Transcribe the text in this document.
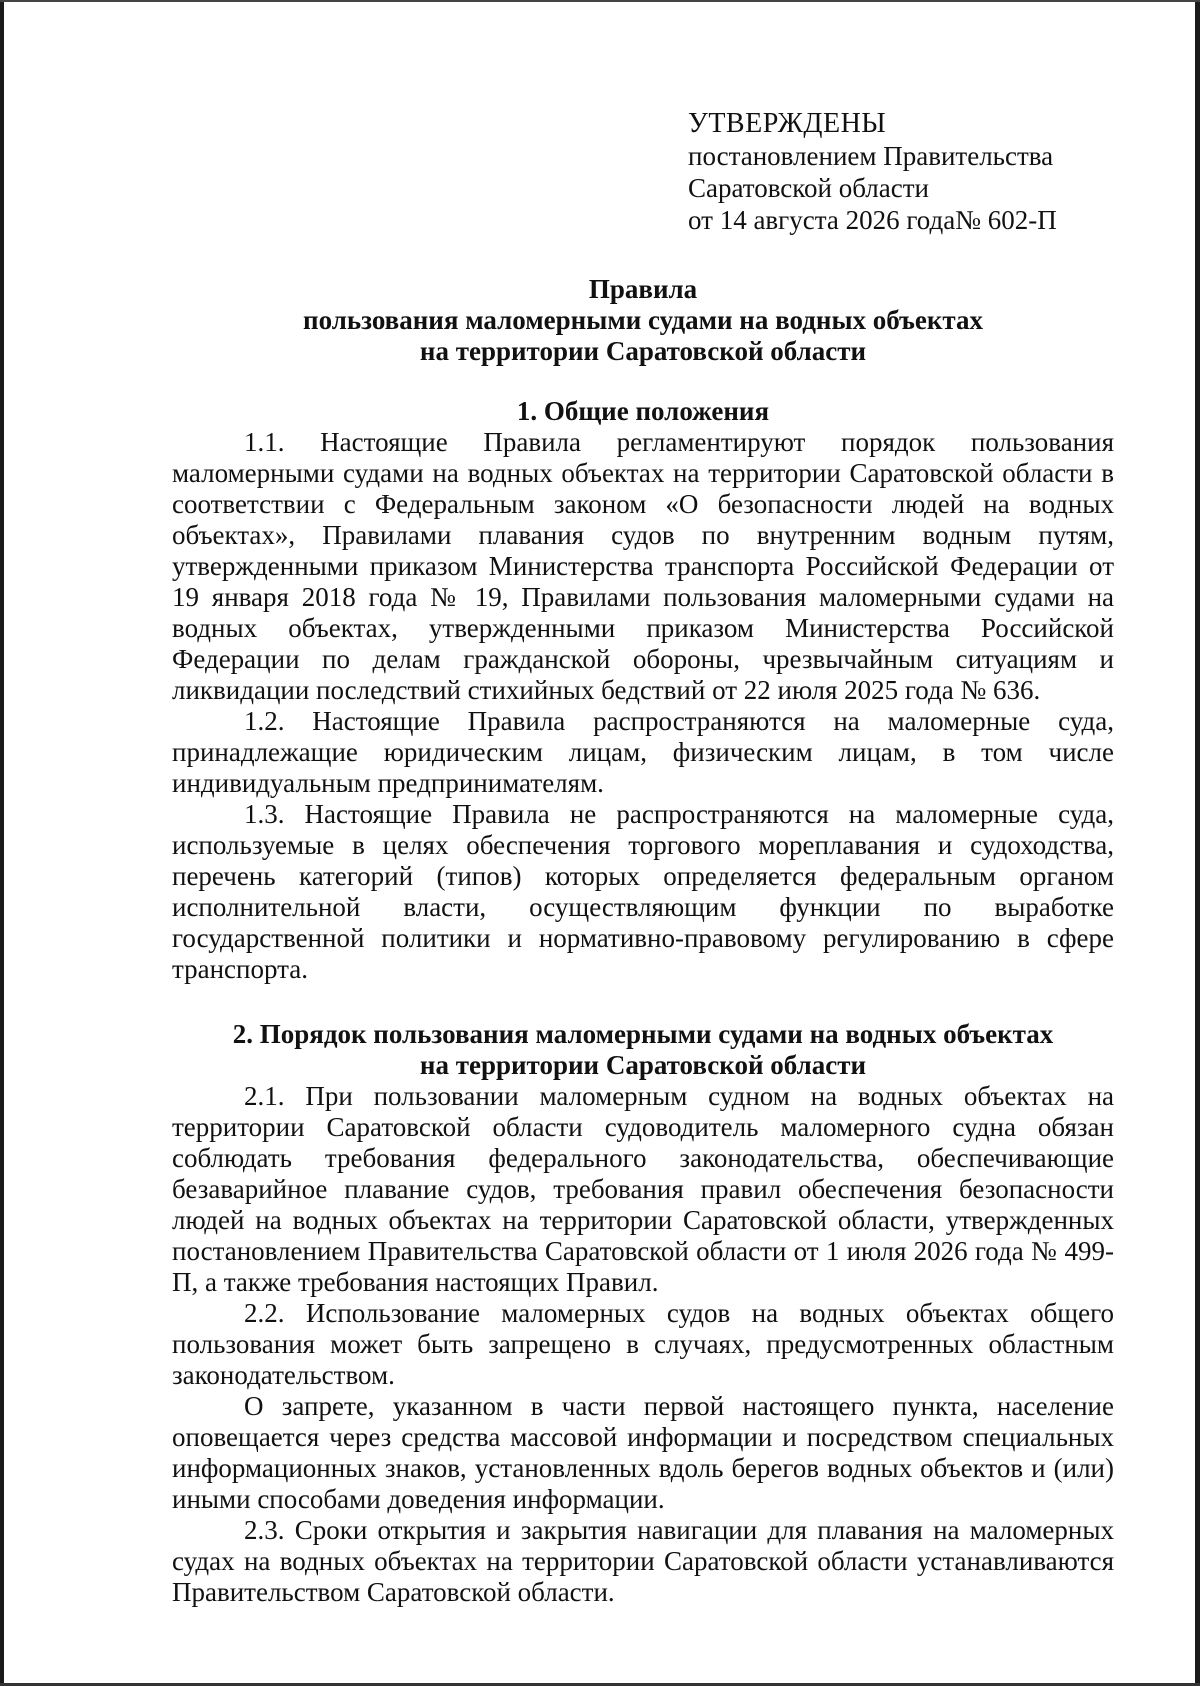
УТВЕРЖДЕНЫ
постановлением Правительства
Саратовской области
от 14 августа 2026 года№ 602-П
Правила
пользования маломерными судами на водных объектах
на территории Саратовской области
1. Общие положения

1.1. Настоящие Правила регламентируют порядок пользования маломерными судами на водных объектах на территории Саратовской области в соответствии с Федеральным законом «О безопасности людей на водных объектах», Правилами плавания судов по внутренним водным путям, утвержденными приказом Министерства транспорта Российской Федерации от 19 января 2018 года № 19, Правилами пользования маломерными судами на водных объектах, утвержденными приказом Министерства Российской Федерации по делам гражданской обороны, чрезвычайным ситуациям и ликвидации последствий стихийных бедствий от 22 июля 2025 года № 636.

1.2. Настоящие Правила распространяются на маломерные суда, принадлежащие юридическим лицам, физическим лицам, в том числе индивидуальным предпринимателям.

1.3. Настоящие Правила не распространяются на маломерные суда, используемые в целях обеспечения торгового мореплавания и судоходства, перечень категорий (типов) которых определяется федеральным органом исполнительной власти, осуществляющим функции по выработке государственной политики и нормативно-правовому регулированию в сфере транспорта.

2. Порядок пользования маломерными судами на водных объектах
на территории Саратовской области

2.1. При пользовании маломерным судном на водных объектах на территории Саратовской области судоводитель маломерного судна обязан соблюдать требования федерального законодательства, обеспечивающие безаварийное плавание судов, требования правил обеспечения безопасности людей на водных объектах на территории Саратовской области, утвержденных постановлением Правительства Саратовской области от 1 июля 2026 года № 499-П, а также требования настоящих Правил.

2.2. Использование маломерных судов на водных объектах общего пользования может быть запрещено в случаях, предусмотренных областным законодательством.

О запрете, указанном в части первой настоящего пункта, население оповещается через средства массовой информации и посредством специальных информационных знаков, установленных вдоль берегов водных объектов и (или) иными способами доведения информации.

2.3. Сроки открытия и закрытия навигации для плавания на маломерных судах на водных объектах на территории Саратовской области устанавливаются Правительством Саратовской области.
